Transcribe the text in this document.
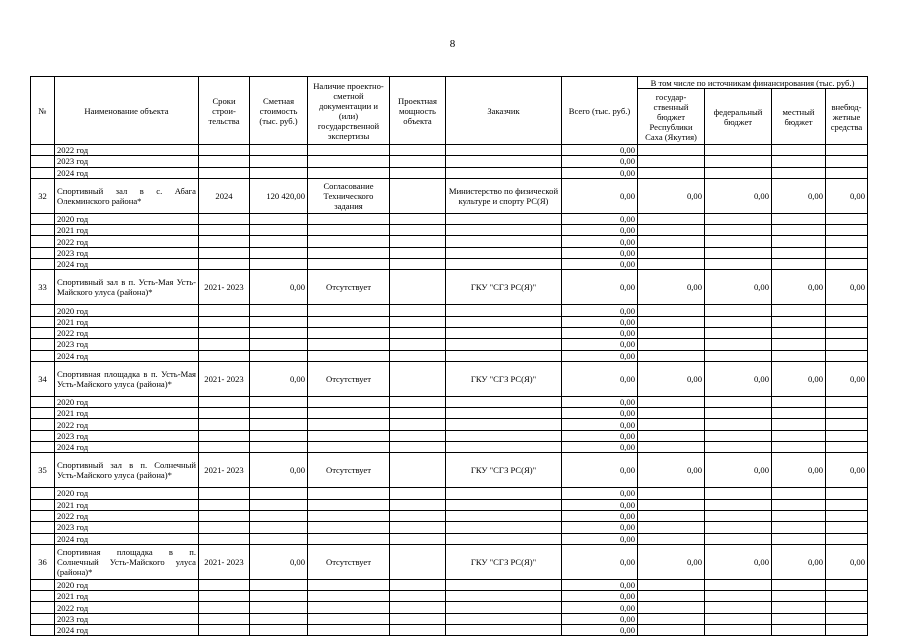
8
№	Наименование объекта	Сроки строи- тельства	Сметная стоимость (тыс. руб.)	Наличие проектно-сметной документации и (или) государственной экспертизы	Проектная мощность объекта	Заказчик	Всего (тыс. руб.)	В том числе по источникам финансирования (тыс. руб.)			
								государ- ственный бюджет Республики Саха (Якутия)	федеральный бюджет	местный бюджет	внебюд- жетные средства
	2022 год						0,00				
	2023 год						0,00				
	2024 год						0,00				
32	Спортивный зал в с. Абага Олекминского района*	2024	120 420,00	Согласование Технического задания		Министерство по физической культуре и спорту РС(Я)	0,00	0,00	0,00	0,00	0,00
	2020 год						0,00				
	2021 год						0,00				
	2022 год						0,00				
	2023 год						0,00				
	2024 год						0,00				
33	Спортивный зал в п. Усть-Мая Усть-Майского улуса (района)*	2021- 2023	0,00	Отсутствует		ГКУ "СГЗ РС(Я)"	0,00	0,00	0,00	0,00	0,00
	2020 год						0,00				
	2021 год						0,00				
	2022 год						0,00				
	2023 год						0,00				
	2024 год						0,00				
34	Спортивная площадка в п. Усть-Мая Усть-Майского улуса (района)*	2021- 2023	0,00	Отсутствует		ГКУ "СГЗ РС(Я)"	0,00	0,00	0,00	0,00	0,00
	2020 год						0,00				
	2021 год						0,00				
	2022 год						0,00				
	2023 год						0,00				
	2024 год						0,00				
35	Спортивный зал в п. Солнечный Усть-Майского улуса (района)*	2021- 2023	0,00	Отсутствует		ГКУ "СГЗ РС(Я)"	0,00	0,00	0,00	0,00	0,00
	2020 год						0,00				
	2021 год						0,00				
	2022 год						0,00				
	2023 год						0,00				
	2024 год						0,00				
36	Спортивная площадка в п. Солнечный Усть-Майского улуса (района)*	2021- 2023	0,00	Отсутствует		ГКУ "СГЗ РС(Я)"	0,00	0,00	0,00	0,00	0,00
	2020 год						0,00				
	2021 год						0,00				
	2022 год						0,00				
	2023 год						0,00				
	2024 год						0,00				
